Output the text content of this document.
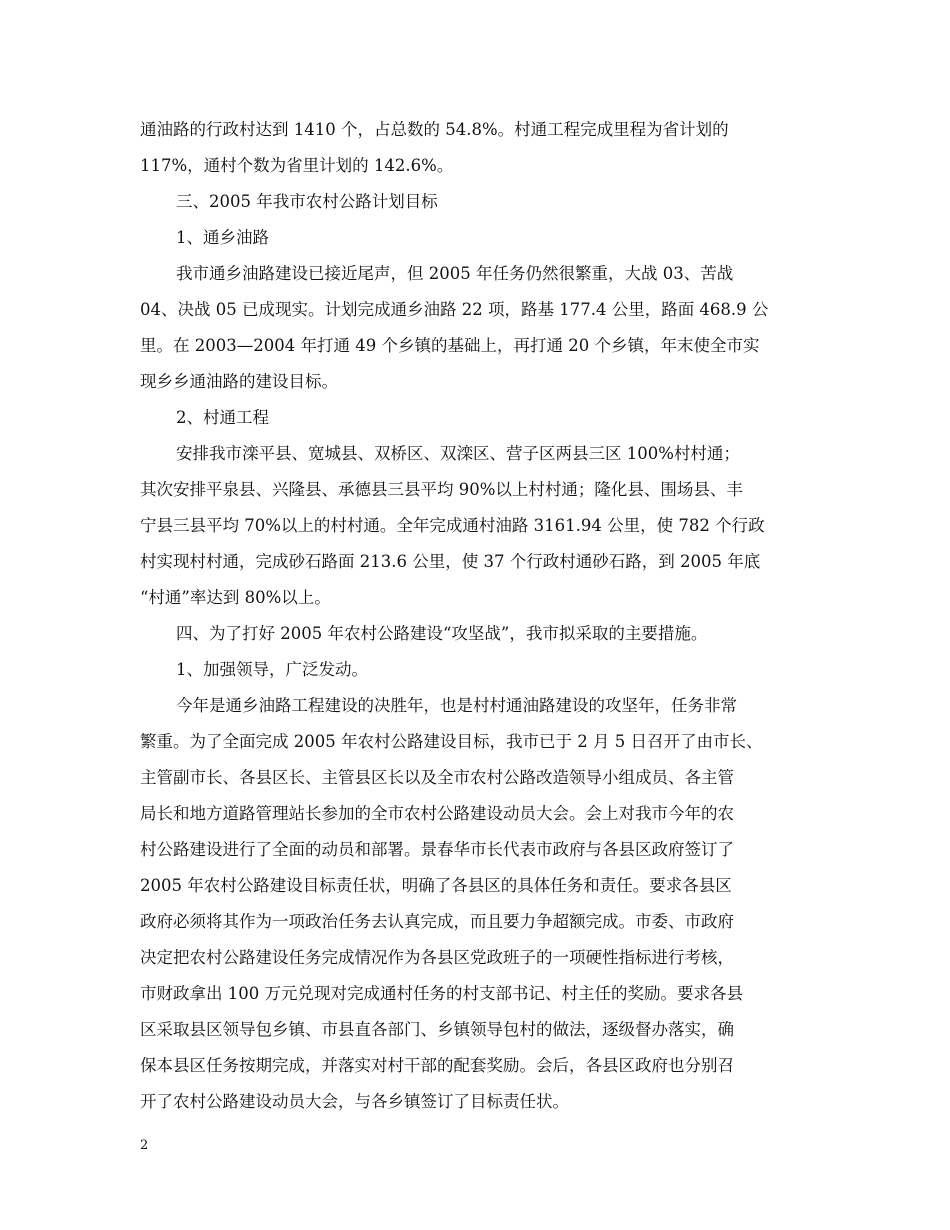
通油路的行政村达到 1410 个，占总数的 54.8%。村通工程完成里程为省计划的
117%，通村个数为省里计划的 142.6%。
三、2005 年我市农村公路计划目标
1、通乡油路
我市通乡油路建设已接近尾声，但 2005 年任务仍然很繁重，大战 03、苦战
04、决战 05 已成现实。计划完成通乡油路 22 项，路基 177.4 公里，路面 468.9 公
里。在 2003—2004 年打通 49 个乡镇的基础上，再打通 20 个乡镇，年末使全市实
现乡乡通油路的建设目标。
2、村通工程
安排我市滦平县、宽城县、双桥区、双滦区、营子区两县三区 100%村村通；
其次安排平泉县、兴隆县、承德县三县平均 90%以上村村通；隆化县、围场县、丰
宁县三县平均 70%以上的村村通。全年完成通村油路 3161.94 公里，使 782 个行政
村实现村村通，完成砂石路面 213.6 公里，使 37 个行政村通砂石路，到 2005 年底
“村通”率达到 80%以上。
四、为了打好 2005 年农村公路建设“攻坚战”，我市拟采取的主要措施。
1、加强领导，广泛发动。
今年是通乡油路工程建设的决胜年，也是村村通油路建设的攻坚年，任务非常
繁重。为了全面完成 2005 年农村公路建设目标，我市已于 2 月 5 日召开了由市长、
主管副市长、各县区长、主管县区长以及全市农村公路改造领导小组成员、各主管
局长和地方道路管理站长参加的全市农村公路建设动员大会。会上对我市今年的农
村公路建设进行了全面的动员和部署。景春华市长代表市政府与各县区政府签订了
2005 年农村公路建设目标责任状，明确了各县区的具体任务和责任。要求各县区
政府必须将其作为一项政治任务去认真完成，而且要力争超额完成。市委、市政府
决定把农村公路建设任务完成情况作为各县区党政班子的一项硬性指标进行考核，
市财政拿出 100 万元兑现对完成通村任务的村支部书记、村主任的奖励。要求各县
区采取县区领导包乡镇、市县直各部门、乡镇领导包村的做法，逐级督办落实，确
保本县区任务按期完成，并落实对村干部的配套奖励。会后，各县区政府也分别召
开了农村公路建设动员大会，与各乡镇签订了目标责任状。
2
